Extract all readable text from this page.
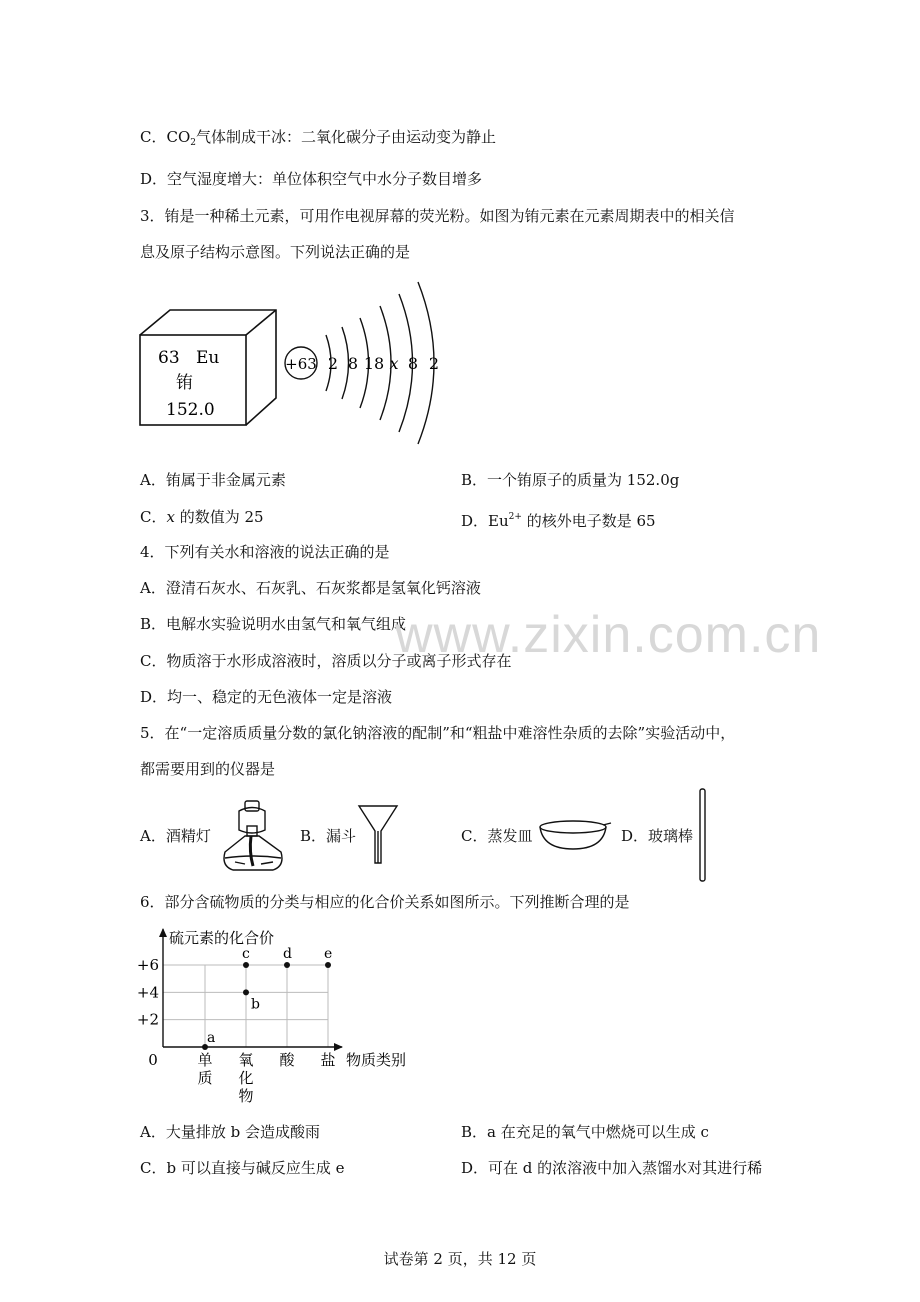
C．$CO_2$气体制成干冰：二氧化碳分子由运动变为静止
D．空气湿度增大：单位体积空气中水分子数目增多
3．铕是一种稀土元素，可用作电视屏幕的荧光粉。如图为铕元素在元素周期表中的相关信
息及原子结构示意图。下列说法正确的是
63 Eu
铕
152.0
+63 2 8 18 x 8 2
A．铕属于非金属元素	B．一个铕原子的质量为 152.0g
C．x 的数值为 25	D．$Eu^{2+}$ 的核外电子数是 65
4．下列有关水和溶液的说法正确的是
A．澄清石灰水、石灰乳、石灰浆都是氢氧化钙溶液
B．电解水实验说明水由氢气和氧气组成
C．物质溶于水形成溶液时，溶质以分子或离子形式存在
D．均一、稳定的无色液体一定是溶液
www.zixin.com.cn
5．在“一定溶质质量分数的氯化钠溶液的配制”和“粗盐中难溶性杂质的去除”实验活动中，
都需要用到的仪器是
A．酒精灯	B．漏斗	C．蒸发皿	D．玻璃棒
6．部分含硫物质的分类与相应的化合价关系如图所示。下列推断合理的是
0
+2
+4
+6
单
质
氧
化
物
酸 盐
a
b
c d e
硫元素的化合价
物质类别
A．大量排放 b 会造成酸雨	B．a 在充足的氧气中燃烧可以生成 c
C．b 可以直接与碱反应生成 e	D．可在 d 的浓溶液中加入蒸馏水对其进行稀
试卷第 2 页，共 12 页
